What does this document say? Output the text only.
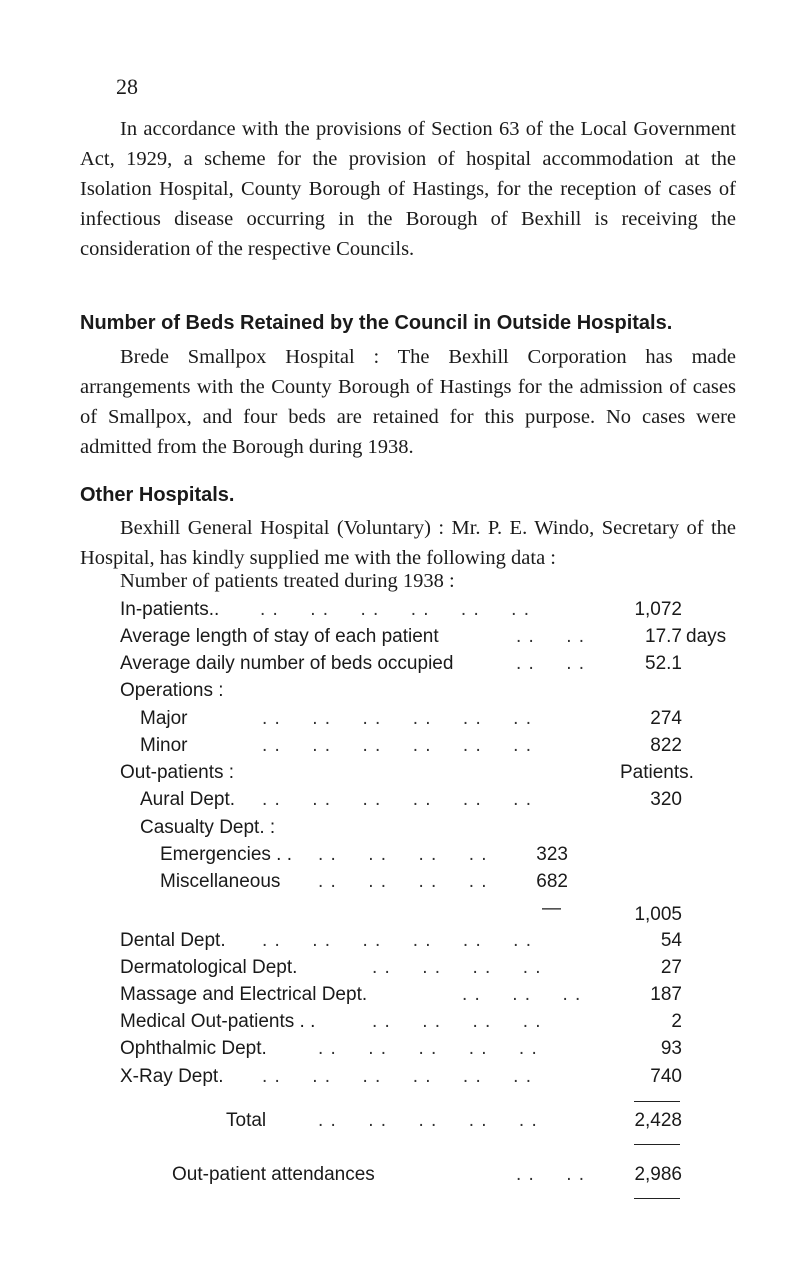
28
In accordance with the provisions of Section 63 of the Local Government Act, 1929, a scheme for the provision of hospital accommodation at the Isolation Hospital, County Borough of Hastings, for the reception of cases of infectious disease occurring in the Borough of Bexhill is receiving the consideration of the respective Councils.
Number of Beds Retained by the Council in Outside Hospitals.
Brede Smallpox Hospital : The Bexhill Corporation has made arrangements with the County Borough of Hastings for the admission of cases of Smallpox, and four beds are retained for this purpose. No cases were admitted from the Borough during 1938.
Other Hospitals.
Bexhill General Hospital (Voluntary) : Mr. P. E. Windo, Secretary of the Hospital, has kindly supplied me with the following data :
Number of patients treated during 1938 :
In-patients.. . .     . .     . .     . .     . .     . .	1,072
Average length of stay of each patient	. .     . .	17.7 days
Average daily number of beds occupied	. .     . .	52.1
Operations :
Major	. .     . .     . .     . .     . .     . .	274
Minor	. .     . .     . .     . .     . .     . .	822
Out-patients :	Patients.
Aural Dept. . .     . .     . .     . .     . .     . .	320
Casualty Dept. :
Emergencies . . . .     . .     . .     . .	323
Miscellaneous . .     . .     . .     . .	682
—	1,005
Dental Dept. . .     . .     . .     . .     . .     . .	54
Dermatological Dept.	. .     . .     . .     . .	27
Massage and Electrical Dept.	. .     . .     . .	187
Medical Out-patients . .	. .     . .     . .     . .	2
Ophthalmic Dept.	. .     . .     . .     . .     . .	93
X-Ray Dept. . .     . .     . .     . .     . .     . .	740
Total	. .     . .     . .     . .     . .	2,428
Out-patient attendances	. .     . .	2,986
